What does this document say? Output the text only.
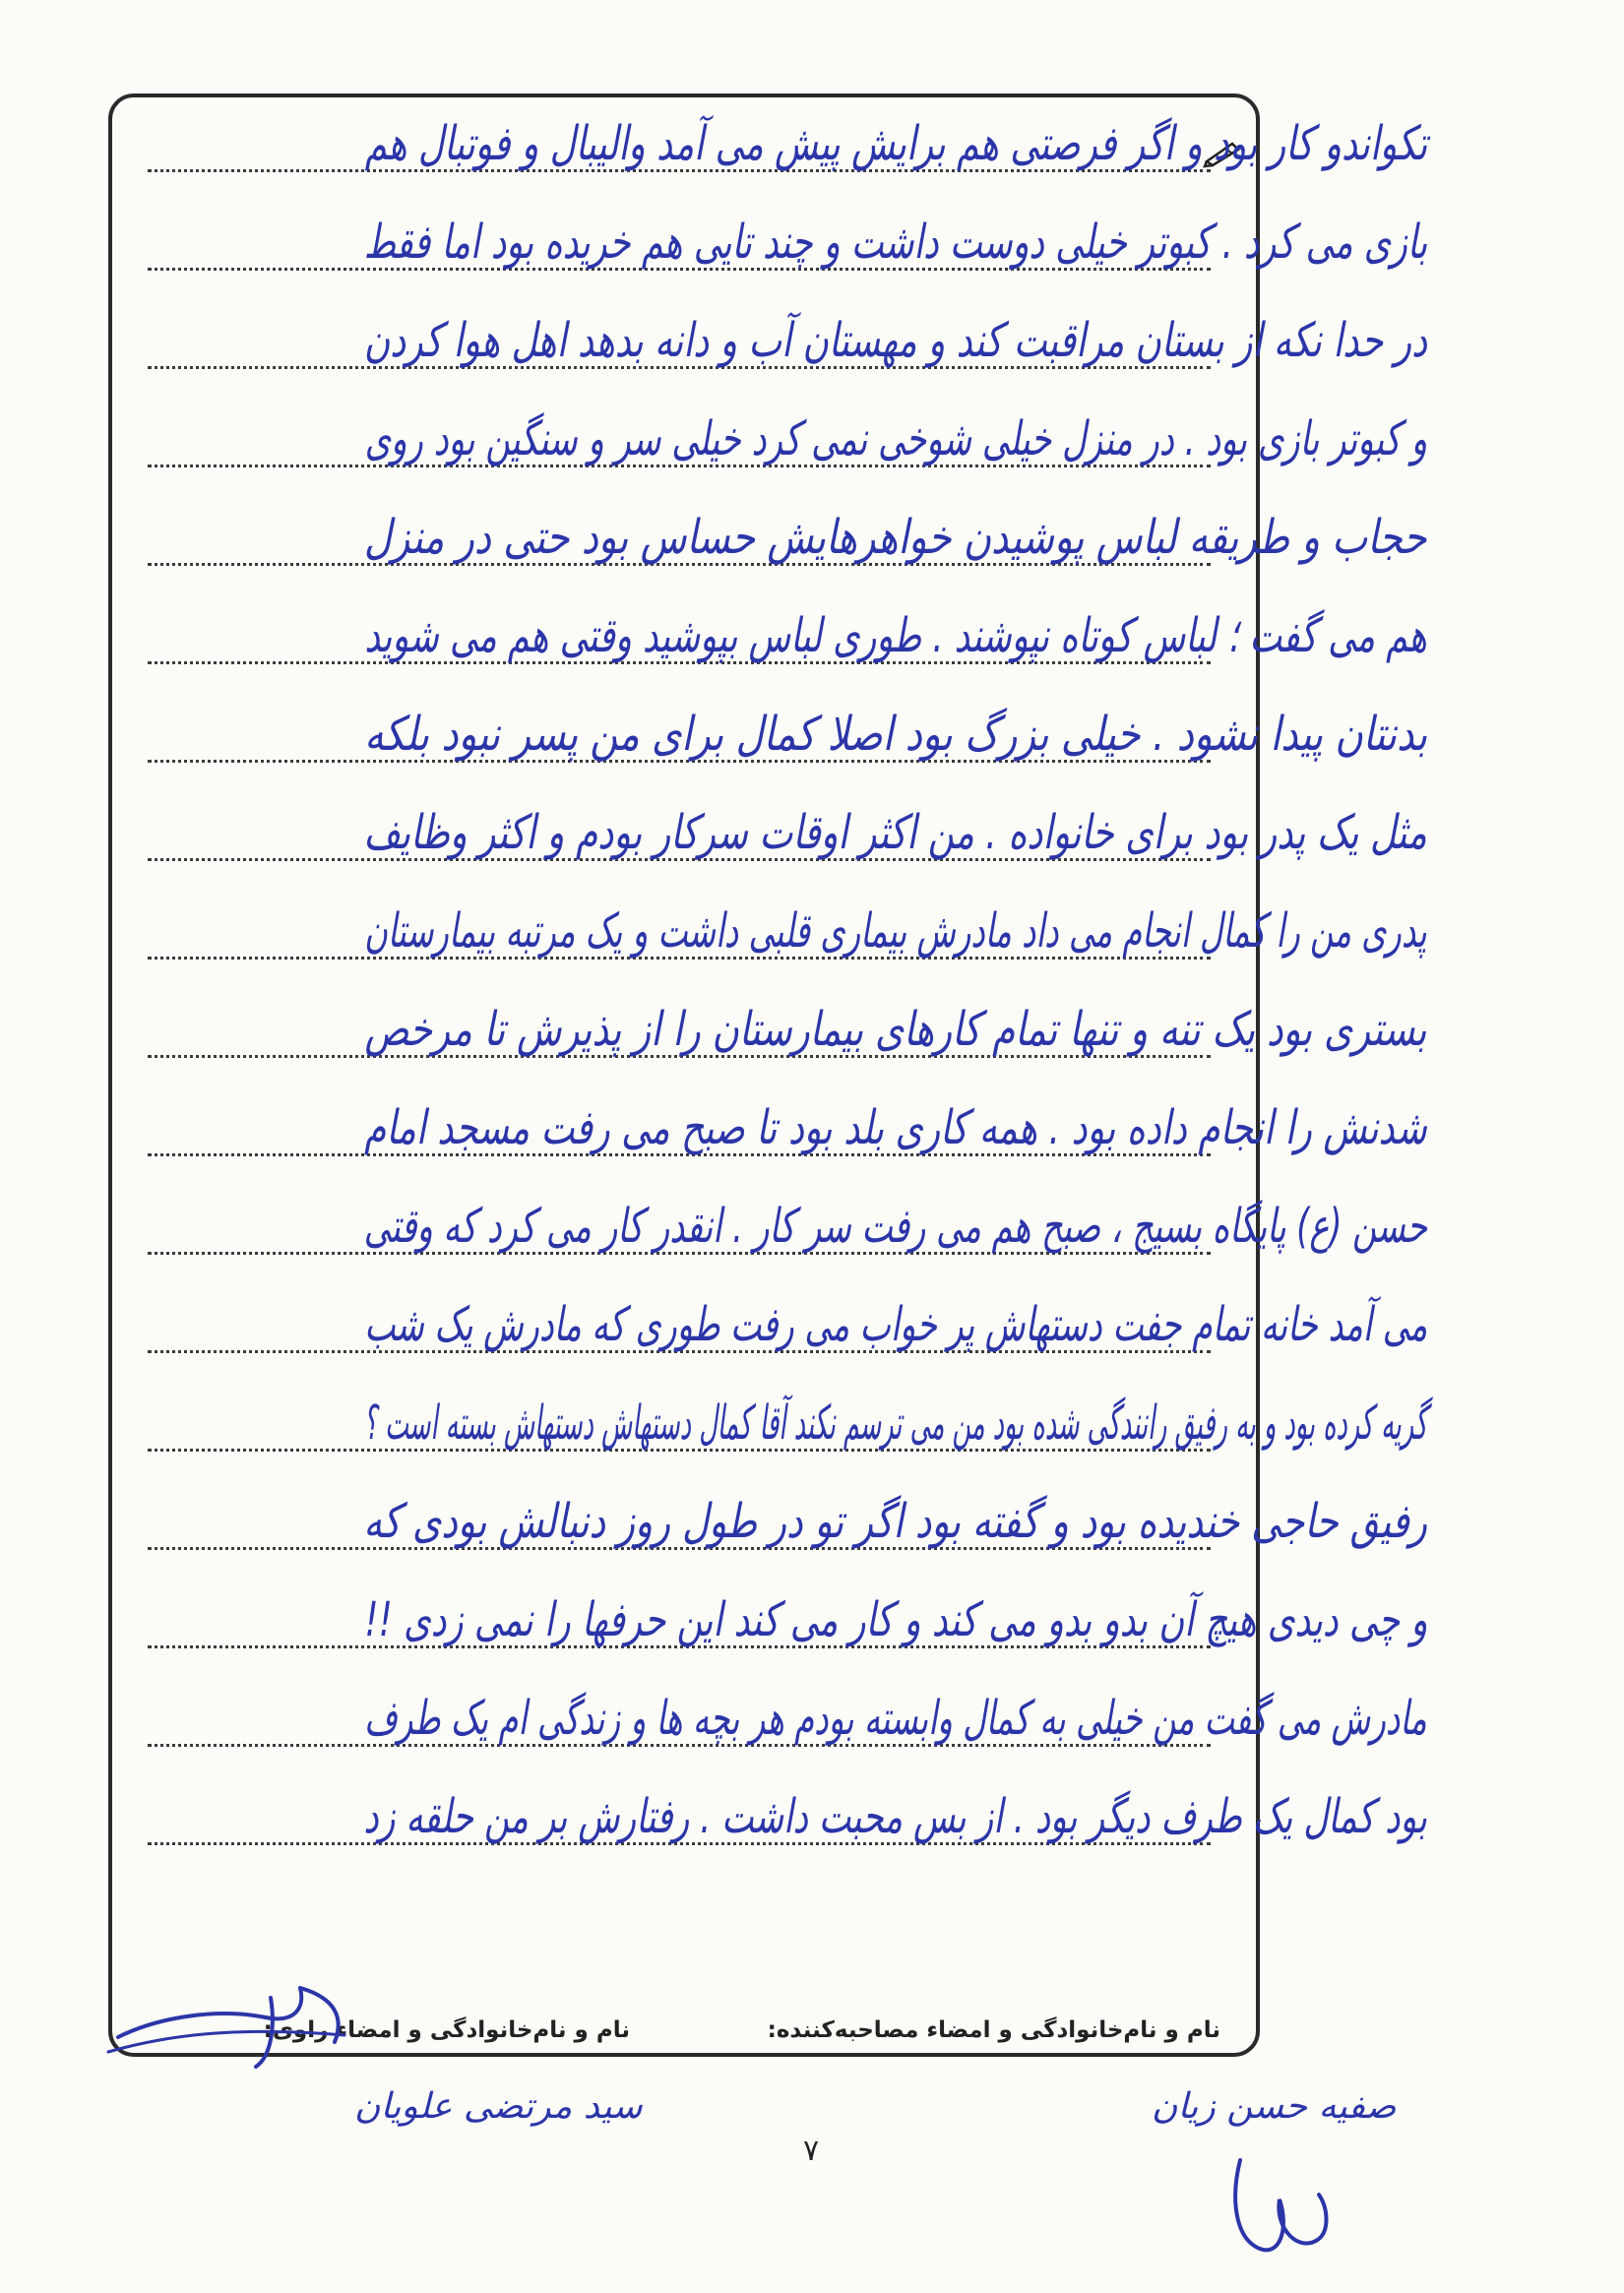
تکواندو کار بود و اگر فرصتی هم برایش پیش می آمد والیبال و فوتبال هم
بازی می کرد . کبوتر خیلی دوست داشت و چند تایی هم خریده بود اما فقط
در حدا نکه از بستان مراقبت کند و مهستان آب و دانه بدهد اهل هوا کردن
و کبوتر بازی بود . در منزل خیلی شوخی نمی کرد خیلی سر و سنگین بود روی
حجاب و طریقه لباس پوشیدن خواهرهایش حساس بود حتی در منزل
هم می گفت ؛ لباس کوتاه نپوشند . طوری لباس بپوشید وقتی هم می شوید
بدنتان پیدا نشود . خیلی بزرگ بود اصلا کمال برای من پسر نبود بلکه
مثل یک پدر بود برای خانواده . من اکثر اوقات سرکار بودم و اکثر وظایف
پدری من را کمال انجام می داد مادرش بیماری قلبی داشت و یک مرتبه بیمارستان
بستری بود یک تنه و تنها تمام کارهای بیمارستان را از پذیرش تا مرخص
شدنش را انجام داده بود . همه کاری بلد بود تا صبح می رفت مسجد امام
حسن (ع) پایگاه بسیج ، صبح هم می رفت سر کار . انقدر کار می کرد که وقتی
می آمد خانه تمام جفت دستهاش پر خواب می رفت طوری که مادرش یک شب
گریه کرده بود و به رفیق رانندگی شده بود من می ترسم نکند آقا کمال دستهاش دستهاش بسته است ؟
رفیق حاجی خندیده بود و گفته بود اگر تو در طول روز دنبالش بودی که
و چی دیدی هیچ آن بدو بدو می کند و کار می کند این حرفها را نمی زدی !!
مادرش می گفت من خیلی به کمال وابسته بودم هر بچه ها و زندگی ام یک طرف
بود کمال یک طرف دیگر بود . از بس محبت داشت . رفتارش بر من حلقه زد
نام و نام‌خانوادگی و امضاء مصاحبه‌کننده:
نام و نام‌خانوادگی و امضاء راوی:
سید مرتضی علویان	صفیه حسن زیان
۷
